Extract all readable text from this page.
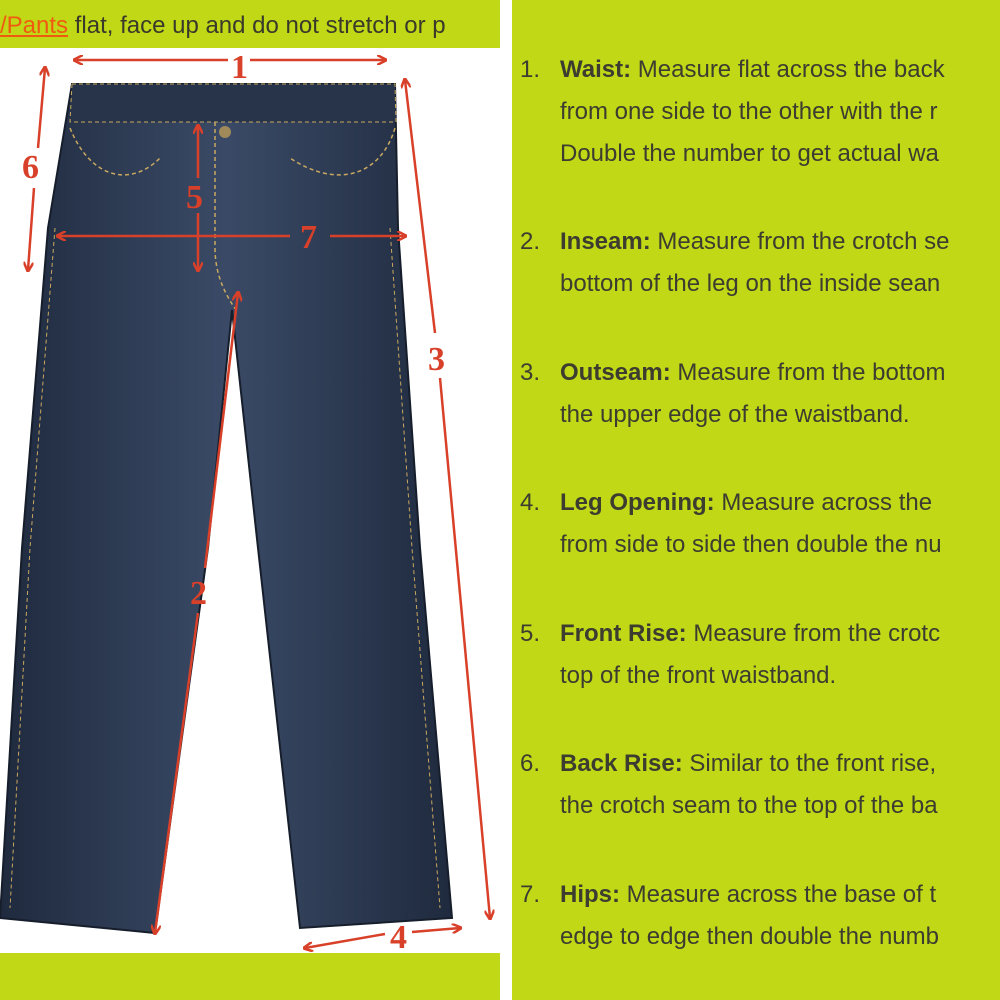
/Pants flat, face up and do not stretch or p
1
6
5
7
3
2
4
1. Waist: Measure flat across the back
from one side to the other with the r
Double the number to get actual wa
2. Inseam: Measure from the crotch se
bottom of the leg on the inside sean
3. Outseam: Measure from the bottom
the upper edge of the waistband.
4. Leg Opening: Measure across the
from side to side then double the nu
5. Front Rise: Measure from the crotc
top of the front waistband.
6. Back Rise: Similar to the front rise,
the crotch seam to the top of the ba
7. Hips: Measure across the base of t
edge to edge then double the numb
